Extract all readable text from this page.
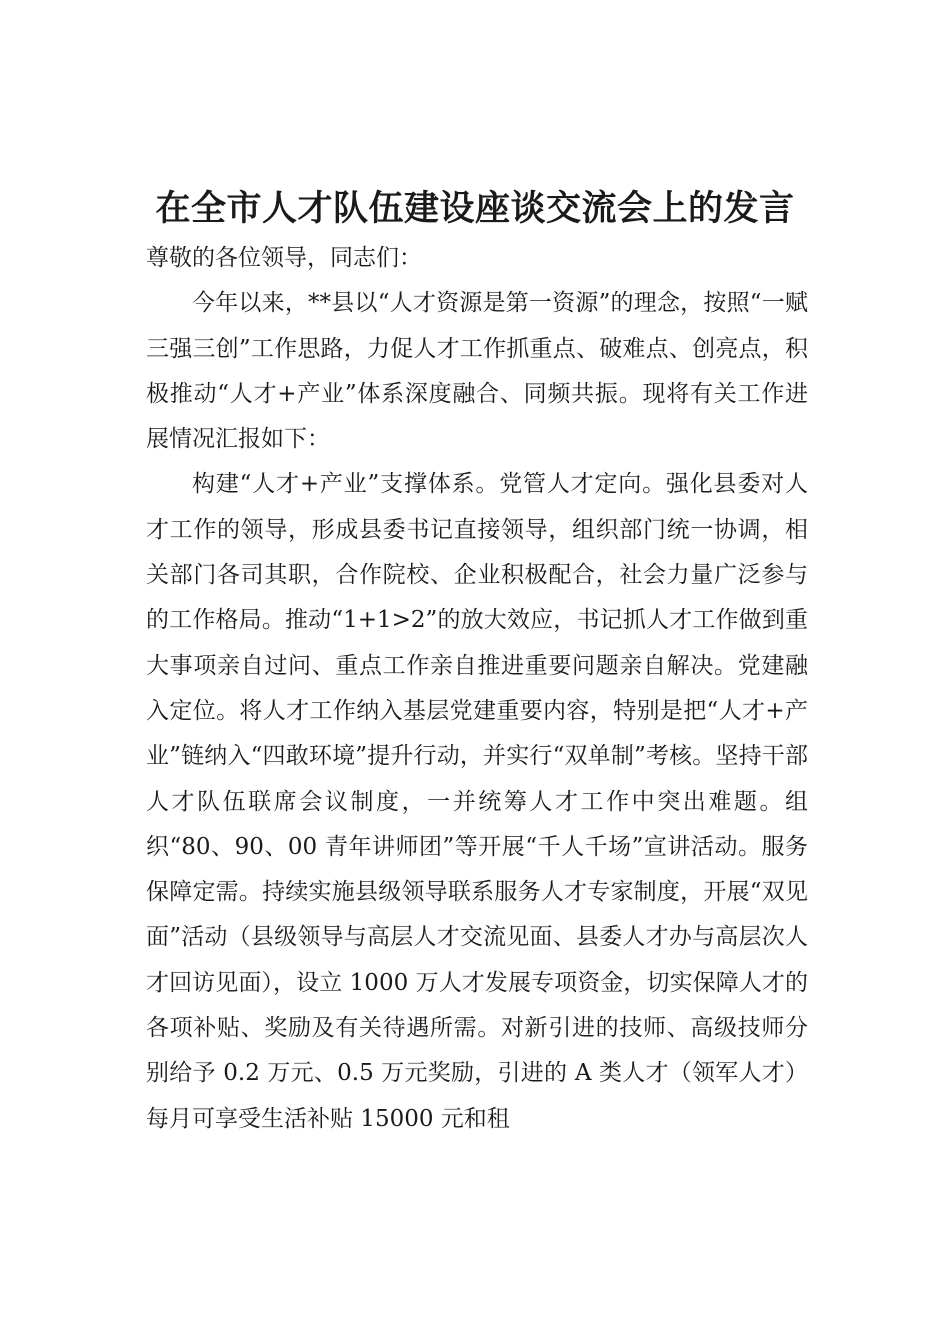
在全市人才队伍建设座谈交流会上的发言

尊敬的各位领导，同志们：

今年以来，**县以“人才资源是第一资源”的理念，按照“一赋三强三创”工作思路，力促人才工作抓重点、破难点、创亮点，积极推动“人才+产业”体系深度融合、同频共振。现将有关工作进展情况汇报如下：

构建“人才+产业”支撑体系。党管人才定向。强化县委对人才工作的领导，形成县委书记直接领导，组织部门统一协调，相关部门各司其职，合作院校、企业积极配合，社会力量广泛参与的工作格局。推动“1+1>2”的放大效应，书记抓人才工作做到重大事项亲自过问、重点工作亲自推进重要问题亲自解决。党建融入定位。将人才工作纳入基层党建重要内容，特别是把“人才+产业”链纳入“四敢环境”提升行动，并实行“双单制”考核。坚持干部人才队伍联席会议制度，一并统筹人才工作中突出难题。组织“80、90、00 青年讲师团”等开展“千人千场”宣讲活动。服务保障定需。持续实施县级领导联系服务人才专家制度，开展“双见面”活动（县级领导与高层人才交流见面、县委人才办与高层次人才回访见面），设立 1000 万人才发展专项资金，切实保障人才的各项补贴、奖励及有关待遇所需。对新引进的技师、高级技师分别给予 0.2 万元、0.5 万元奖励，引进的 A 类人才（领军人才）每月可享受生活补贴 15000 元和租
